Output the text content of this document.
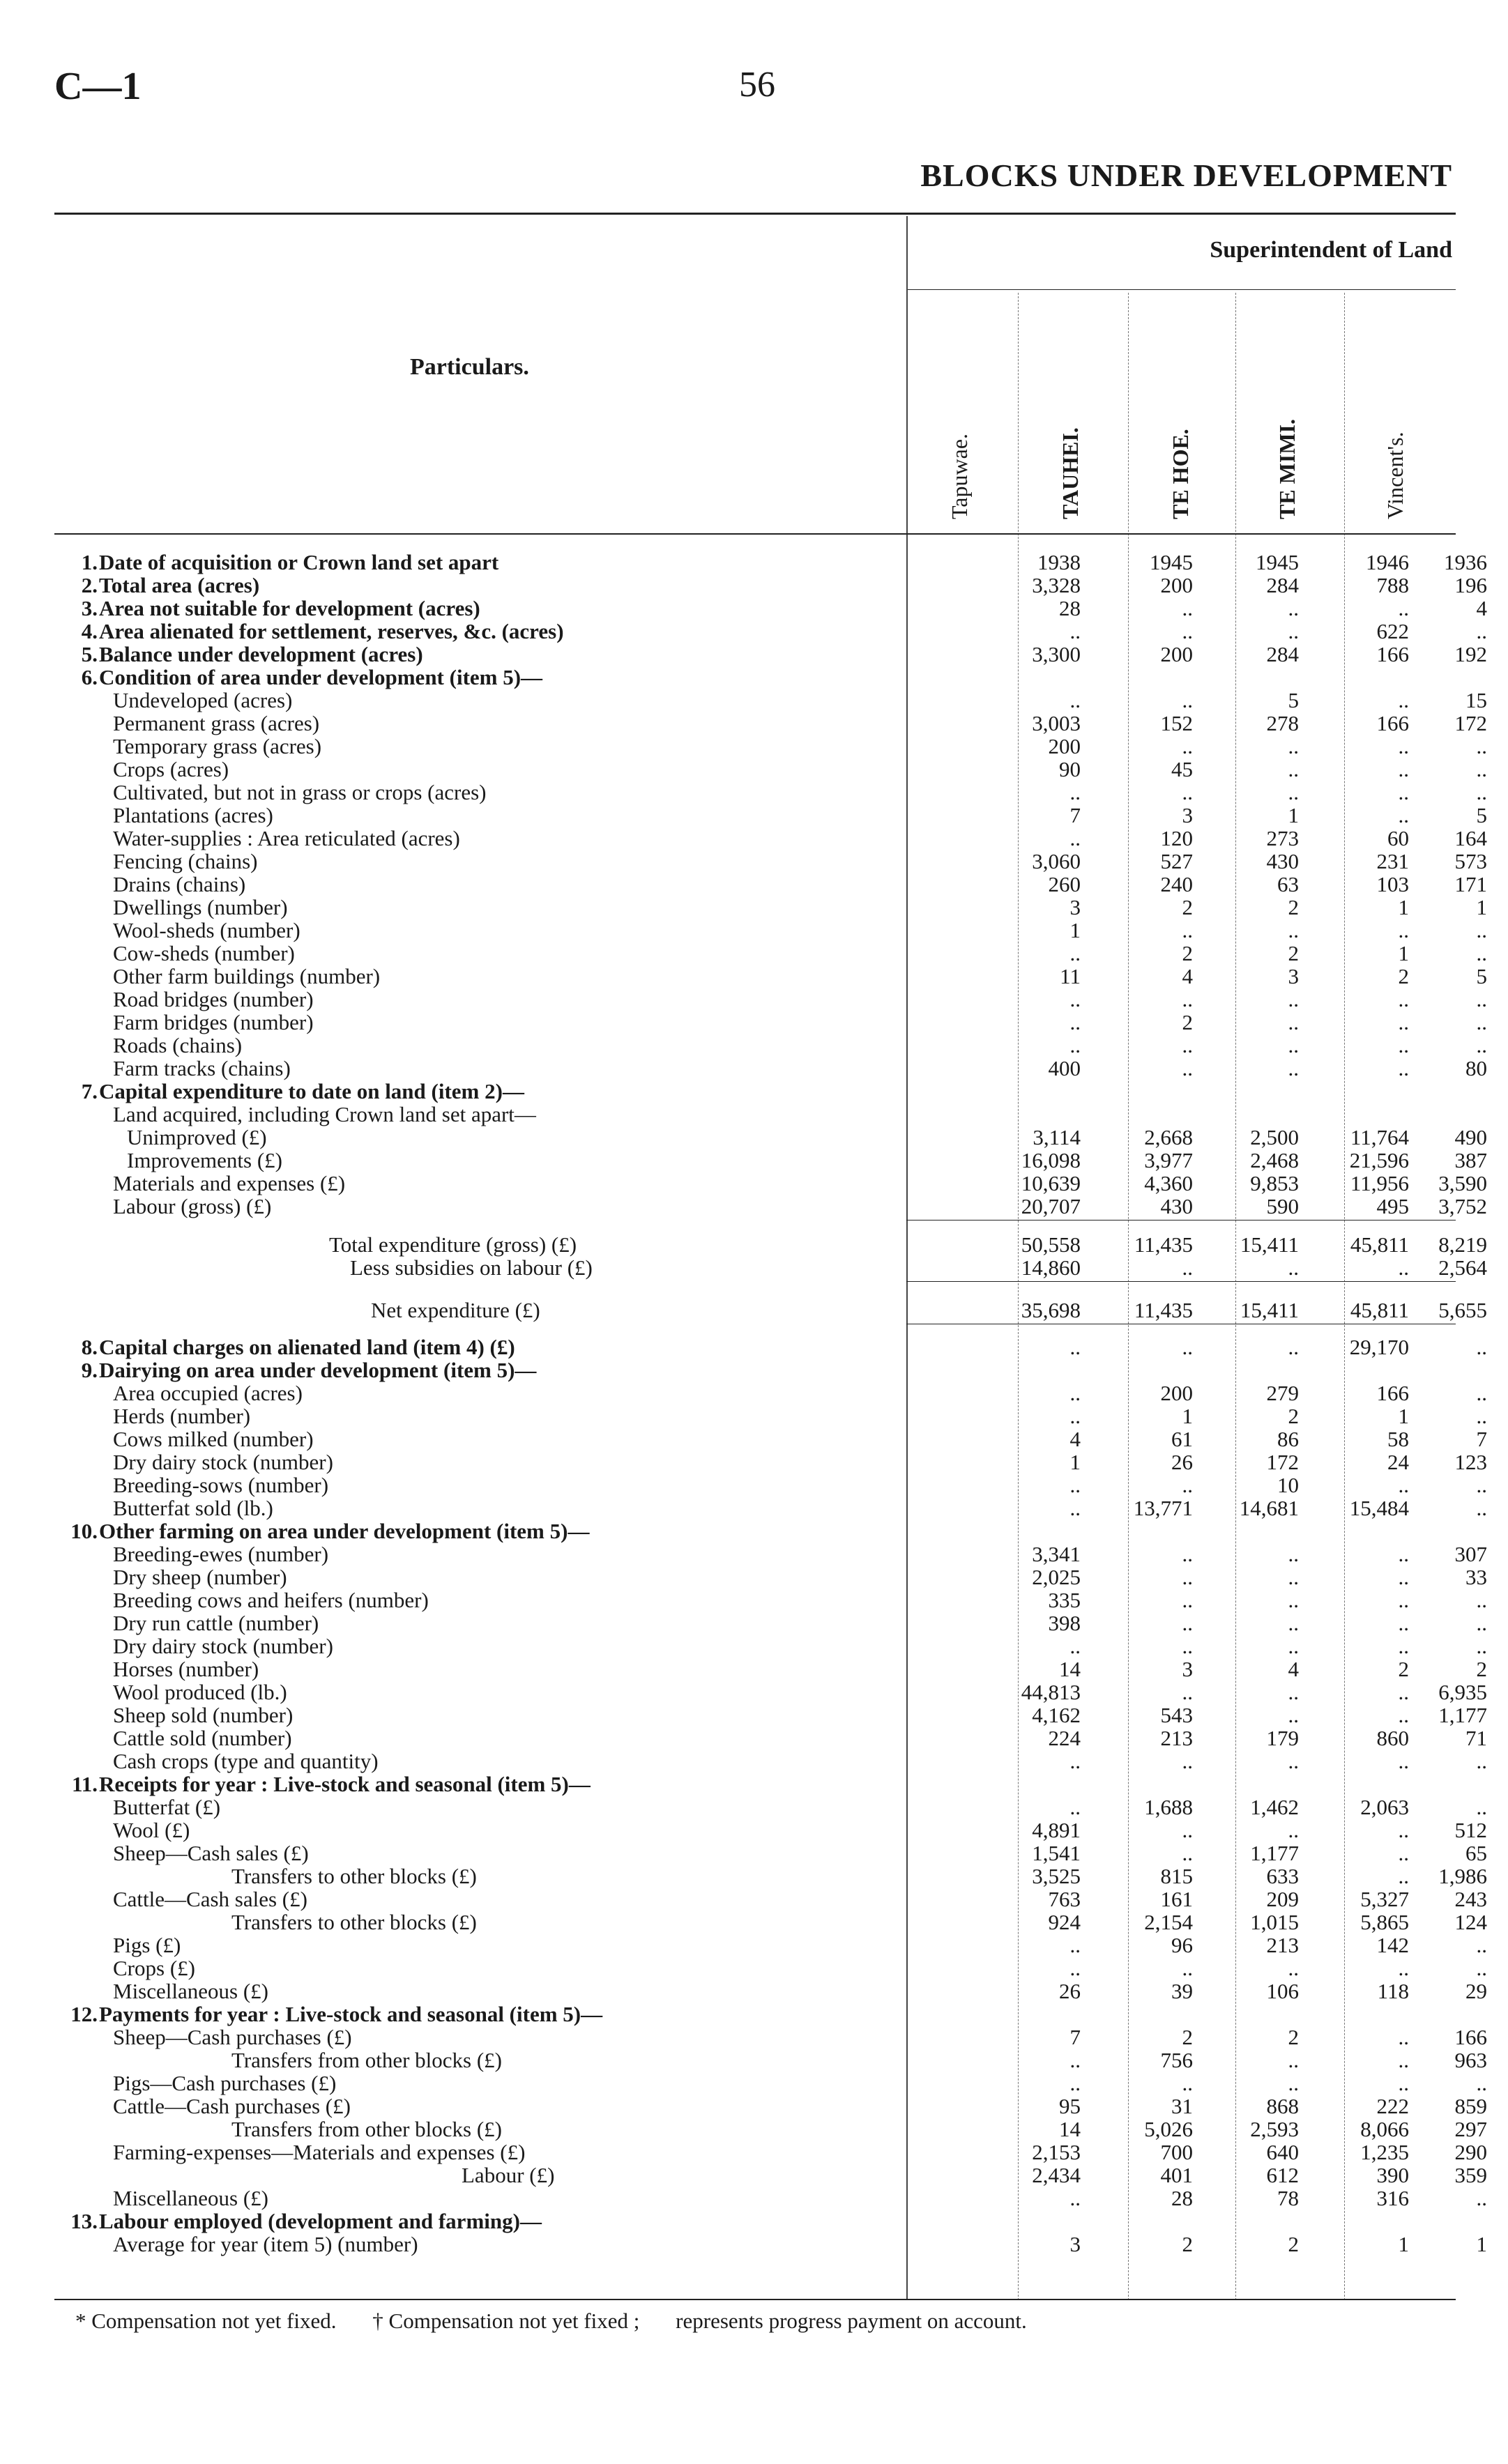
C—1	56
BLOCKS UNDER DEVELOPMENT
Superintendent of Land
Particulars.
Tapuwae.	TAUHEI.	TE HOE.	TE MIMI.	Vincent's.
1. Date of acquisition or Crown land set apart	1938	1945	1945	1946	1936
2. Total area (acres)	3,328	200	284	788	196
3. Area not suitable for development (acres)	28	..	..	..	4
4. Area alienated for settlement, reserves, &c. (acres)	..	..	..	622	..
5. Balance under development (acres)	3,300	200	284	166	192
6. Condition of area under development (item 5)—
Undeveloped (acres)	..	..	5	..	15
Permanent grass (acres)	3,003	152	278	166	172
Temporary grass (acres)	200	..	..	..	..
Crops (acres)	90	45	..	..	..
Cultivated, but not in grass or crops (acres)	..	..	..	..	..
Plantations (acres)	7	3	1	..	5
Water-supplies : Area reticulated (acres)	..	120	273	60	164
Fencing (chains)	3,060	527	430	231	573
Drains (chains)	260	240	63	103	171
Dwellings (number)	3	2	2	1	1
Wool-sheds (number)	1	..	..	..	..
Cow-sheds (number)	..	2	2	1	..
Other farm buildings (number)	11	4	3	2	5
Road bridges (number)	..	..	..	..	..
Farm bridges (number)	..	2	..	..	..
Roads (chains)	..	..	..	..	..
Farm tracks (chains)	400	..	..	..	80
7. Capital expenditure to date on land (item 2)—
Land acquired, including Crown land set apart—
Unimproved (£)	3,114	2,668	2,500	11,764	490
Improvements (£)	16,098	3,977	2,468	21,596	387
Materials and expenses (£)	10,639	4,360	9,853	11,956	3,590
Labour (gross) (£)	20,707	430	590	495	3,752
Total expenditure (gross) (£)	50,558	11,435	15,411	45,811	8,219
Less subsidies on labour (£)	14,860	..	..	..	2,564
Net expenditure (£)	35,698	11,435	15,411	45,811	5,655
8. Capital charges on alienated land (item 4) (£)	..	..	..	29,170	..
9. Dairying on area under development (item 5)—
Area occupied (acres)	..	200	279	166	..
Herds (number)	..	1	2	1	..
Cows milked (number)	4	61	86	58	7
Dry dairy stock (number)	1	26	172	24	123
Breeding-sows (number)	..	..	10	..	..
Butterfat sold (lb.)	..	13,771	14,681	15,484	..
10. Other farming on area under development (item 5)—
Breeding-ewes (number)	3,341	..	..	..	307
Dry sheep (number)	2,025	..	..	..	33
Breeding cows and heifers (number)	335	..	..	..	..
Dry run cattle (number)	398	..	..	..	..
Dry dairy stock (number)	..	..	..	..	..
Horses (number)	14	3	4	2	2
Wool produced (lb.)	44,813	..	..	..	6,935
Sheep sold (number)	4,162	543	..	..	1,177
Cattle sold (number)	224	213	179	860	71
Cash crops (type and quantity)	..	..	..	..	..
11. Receipts for year : Live-stock and seasonal (item 5)—
Butterfat (£)	..	1,688	1,462	2,063	..
Wool (£)	4,891	..	..	..	512
Sheep—Cash sales (£)	1,541	..	1,177	..	65
Transfers to other blocks (£)	3,525	815	633	..	1,986
Cattle—Cash sales (£)	763	161	209	5,327	243
Transfers to other blocks (£)	924	2,154	1,015	5,865	124
Pigs (£)	..	96	213	142	..
Crops (£)	..	..	..	..	..
Miscellaneous (£)	26	39	106	118	29
12. Payments for year : Live-stock and seasonal (item 5)—
Sheep—Cash purchases (£)	7	2	2	..	166
Transfers from other blocks (£)	..	756	..	..	963
Pigs—Cash purchases (£)	..	..	..	..	..
Cattle—Cash purchases (£)	95	31	868	222	859
Transfers from other blocks (£)	14	5,026	2,593	8,066	297
Farming-expenses—Materials and expenses (£)	2,153	700	640	1,235	290
Labour (£)	2,434	401	612	390	359
Miscellaneous (£)	..	28	78	316	..
13. Labour employed (development and farming)—
Average for year (item 5) (number)	3	2	2	1	1
* Compensation not yet fixed. † Compensation not yet fixed ; represents progress payment on account.
